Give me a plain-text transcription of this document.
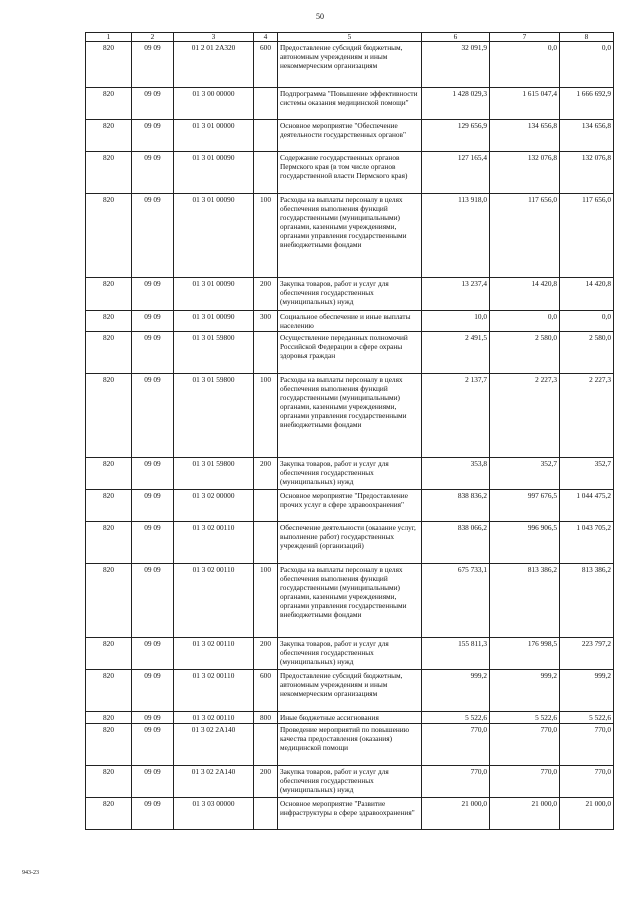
50
1	2	3	4	5	6	7	8
820	09 09	01 2 01 2А320	600	Предоставление субсидий бюджетным, автономным учреждениям и иным некоммерческим организациям	32 091,9	0,0	0,0
820	09 09	01 3 00 00000		Подпрограмма "Повышение эффективности системы оказания медицинской помощи"	1 428 029,3	1 615 047,4	1 666 692,9
820	09 09	01 3 01 00000		Основное мероприятие "Обеспечение деятельности государственных органов"	129 656,9	134 656,8	134 656,8
820	09 09	01 3 01 00090		Содержание государственных органов Пермского края (в том числе органов государственной власти Пермского края)	127 165,4	132 076,8	132 076,8
820	09 09	01 3 01 00090	100	Расходы на выплаты персоналу в целях обеспечения выполнения функций государственными (муниципальными) органами, казенными учреждениями, органами управления государственными внебюджетными фондами	113 918,0	117 656,0	117 656,0
820	09 09	01 3 01 00090	200	Закупка товаров, работ и услуг для обеспечения государственных (муниципальных) нужд	13 237,4	14 420,8	14 420,8
820	09 09	01 3 01 00090	300	Социальное обеспечение и иные выплаты населению	10,0	0,0	0,0
820	09 09	01 3 01 59800		Осуществление переданных полномочий Российской Федерации в сфере охраны здоровья граждан	2 491,5	2 580,0	2 580,0
820	09 09	01 3 01 59800	100	Расходы на выплаты персоналу в целях обеспечения выполнения функций государственными (муниципальными) органами, казенными учреждениями, органами управления государственными внебюджетными фондами	2 137,7	2 227,3	2 227,3
820	09 09	01 3 01 59800	200	Закупка товаров, работ и услуг для обеспечения государственных (муниципальных) нужд	353,8	352,7	352,7
820	09 09	01 3 02 00000		Основное мероприятие "Предоставление прочих услуг в сфере здравоохранения"	838 836,2	997 676,5	1 044 475,2
820	09 09	01 3 02 00110		Обеспечение деятельности (оказание услуг, выполнение работ) государственных учреждений (организаций)	838 066,2	996 906,5	1 043 705,2
820	09 09	01 3 02 00110	100	Расходы на выплаты персоналу в целях обеспечения выполнения функций государственными (муниципальными) органами, казенными учреждениями, органами управления государственными внебюджетными фондами	675 733,1	813 386,2	813 386,2
820	09 09	01 3 02 00110	200	Закупка товаров, работ и услуг для обеспечения государственных (муниципальных) нужд	155 811,3	176 998,5	223 797,2
820	09 09	01 3 02 00110	600	Предоставление субсидий бюджетным, автономным учреждениям и иным некоммерческим организациям	999,2	999,2	999,2
820	09 09	01 3 02 00110	800	Иные бюджетные ассигнования	5 522,6	5 522,6	5 522,6
820	09 09	01 3 02 2А140		Проведение мероприятий по повышению качества предоставления (оказания) медицинской помощи	770,0	770,0	770,0
820	09 09	01 3 02 2А140	200	Закупка товаров, работ и услуг для обеспечения государственных (муниципальных) нужд	770,0	770,0	770,0
820	09 09	01 3 03 00000		Основное мероприятие "Развитие инфраструктуры в сфере здравоохранения"	21 000,0	21 000,0	21 000,0
943-23
